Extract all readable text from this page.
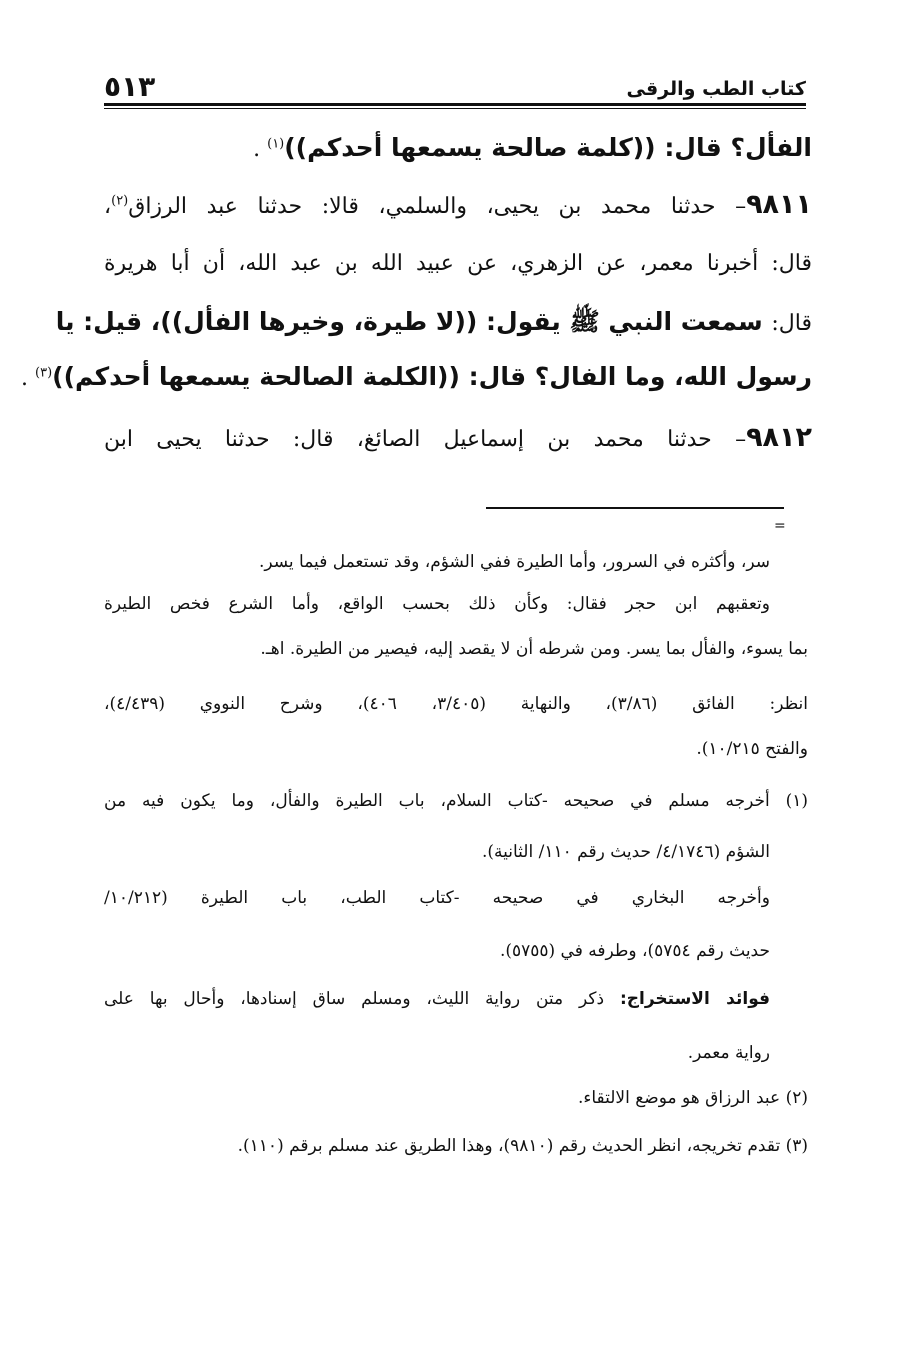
٥١٣	كتاب الطب والرقى
الفأل؟ قال: ((كلمة صالحة يسمعها أحدكم))$^{(١)}$ .
٩٨١١– حدثنا محمد بن يحيى، والسلمي، قالا: حدثنا عبد الرزاق$^{(٢)}$،
قال: أخبرنا معمر، عن الزهري، عن عبيد الله بن عبد الله، أن أبا هريرة
قال: سمعت النبي ﷺ يقول: ((لا طيرة، وخيرها الفأل))، قيل: يا
رسول الله، وما الفال؟ قال: ((الكلمة الصالحة يسمعها أحدكم))$^{(٣)}$ .
٩٨١٢– حدثنا محمد بن إسماعيل الصائغ، قال: حدثنا يحيى ابن
=
سر، وأكثره في السرور، وأما الطيرة ففي الشؤم، وقد تستعمل فيما يسر.
وتعقبهم ابن حجر فقال: وكأن ذلك بحسب الواقع، وأما الشرع فخص الطيرة
بما يسوء، والفأل بما يسر. ومن شرطه أن لا يقصد إليه، فيصير من الطيرة. اهـ.
انظر: الفائق (٣/٨٦)، والنهاية (٣/٤٠٥، ٤٠٦)، وشرح النووي (٤/٤٣٩)،
والفتح ١٠/٢١٥).
(١) أخرجه مسلم في صحيحه -كتاب السلام، باب الطيرة والفأل، وما يكون فيه من
الشؤم (٤/١٧٤٦/ حديث رقم ١١٠/ الثانية).
وأخرجه البخاري في صحيحه -كتاب الطب، باب الطيرة (١٠/٢١٢/
حديث رقم ٥٧٥٤)، وطرفه في (٥٧٥٥).
فوائد الاستخراج: ذكر متن رواية الليث، ومسلم ساق إسنادها، وأحال بها على
رواية معمر.
(٢) عبد الرزاق هو موضع الالتقاء.
(٣) تقدم تخريجه، انظر الحديث رقم (٩٨١٠)، وهذا الطريق عند مسلم برقم (١١٠).
